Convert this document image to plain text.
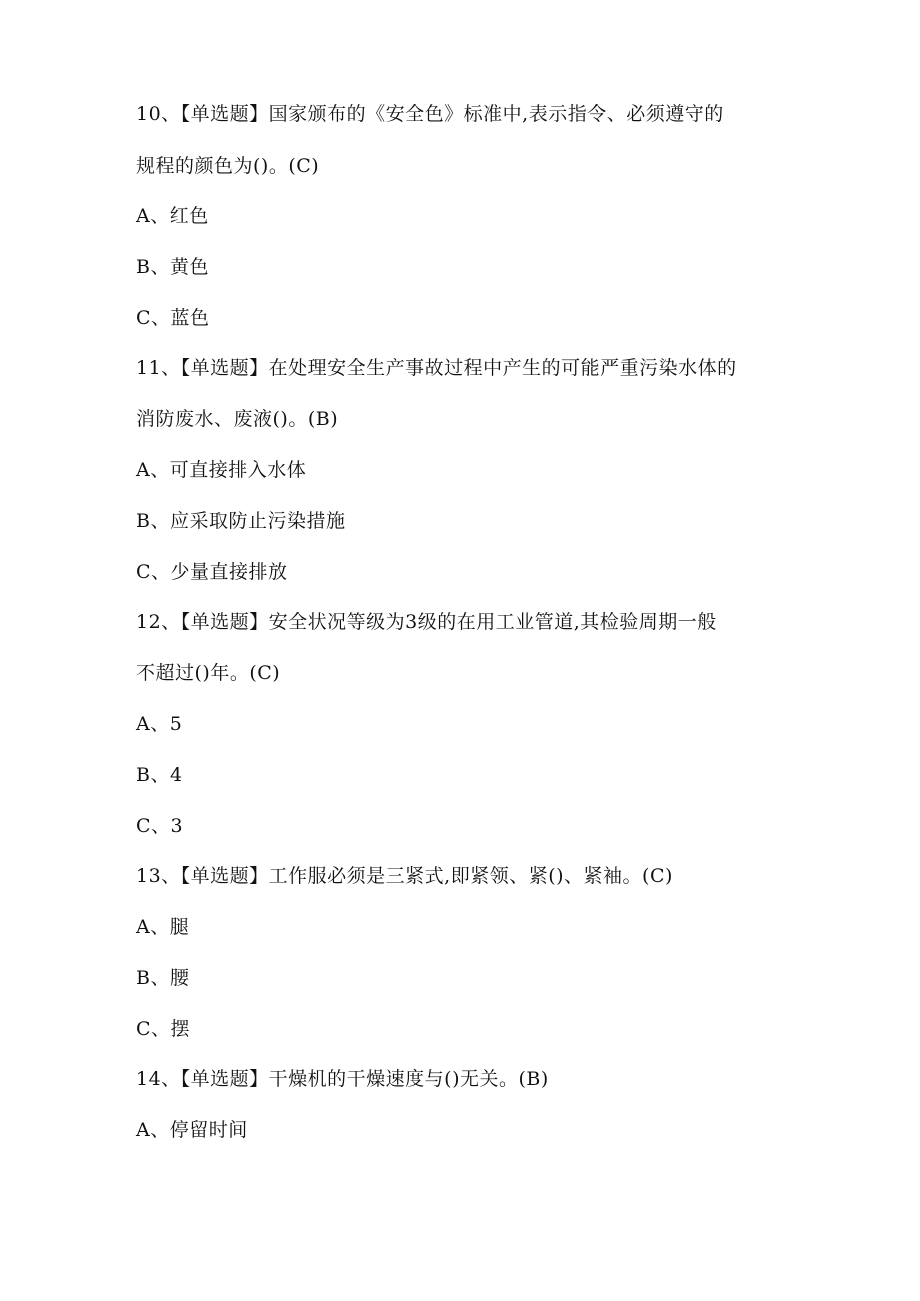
10、【单选题】国家颁布的《安全色》标准中,表示指令、必须遵守的
规程的颜色为()。(C)
A、红色
B、黄色
C、蓝色
11、【单选题】在处理安全生产事故过程中产生的可能严重污染水体的
消防废水、废液()。(B)
A、可直接排入水体
B、应采取防止污染措施
C、少量直接排放
12、【单选题】安全状况等级为3级的在用工业管道,其检验周期一般
不超过()年。(C)
A、5
B、4
C、3
13、【单选题】工作服必须是三紧式,即紧领、紧()、紧袖。(C)
A、腿
B、腰
C、摆
14、【单选题】干燥机的干燥速度与()无关。(B)
A、停留时间
